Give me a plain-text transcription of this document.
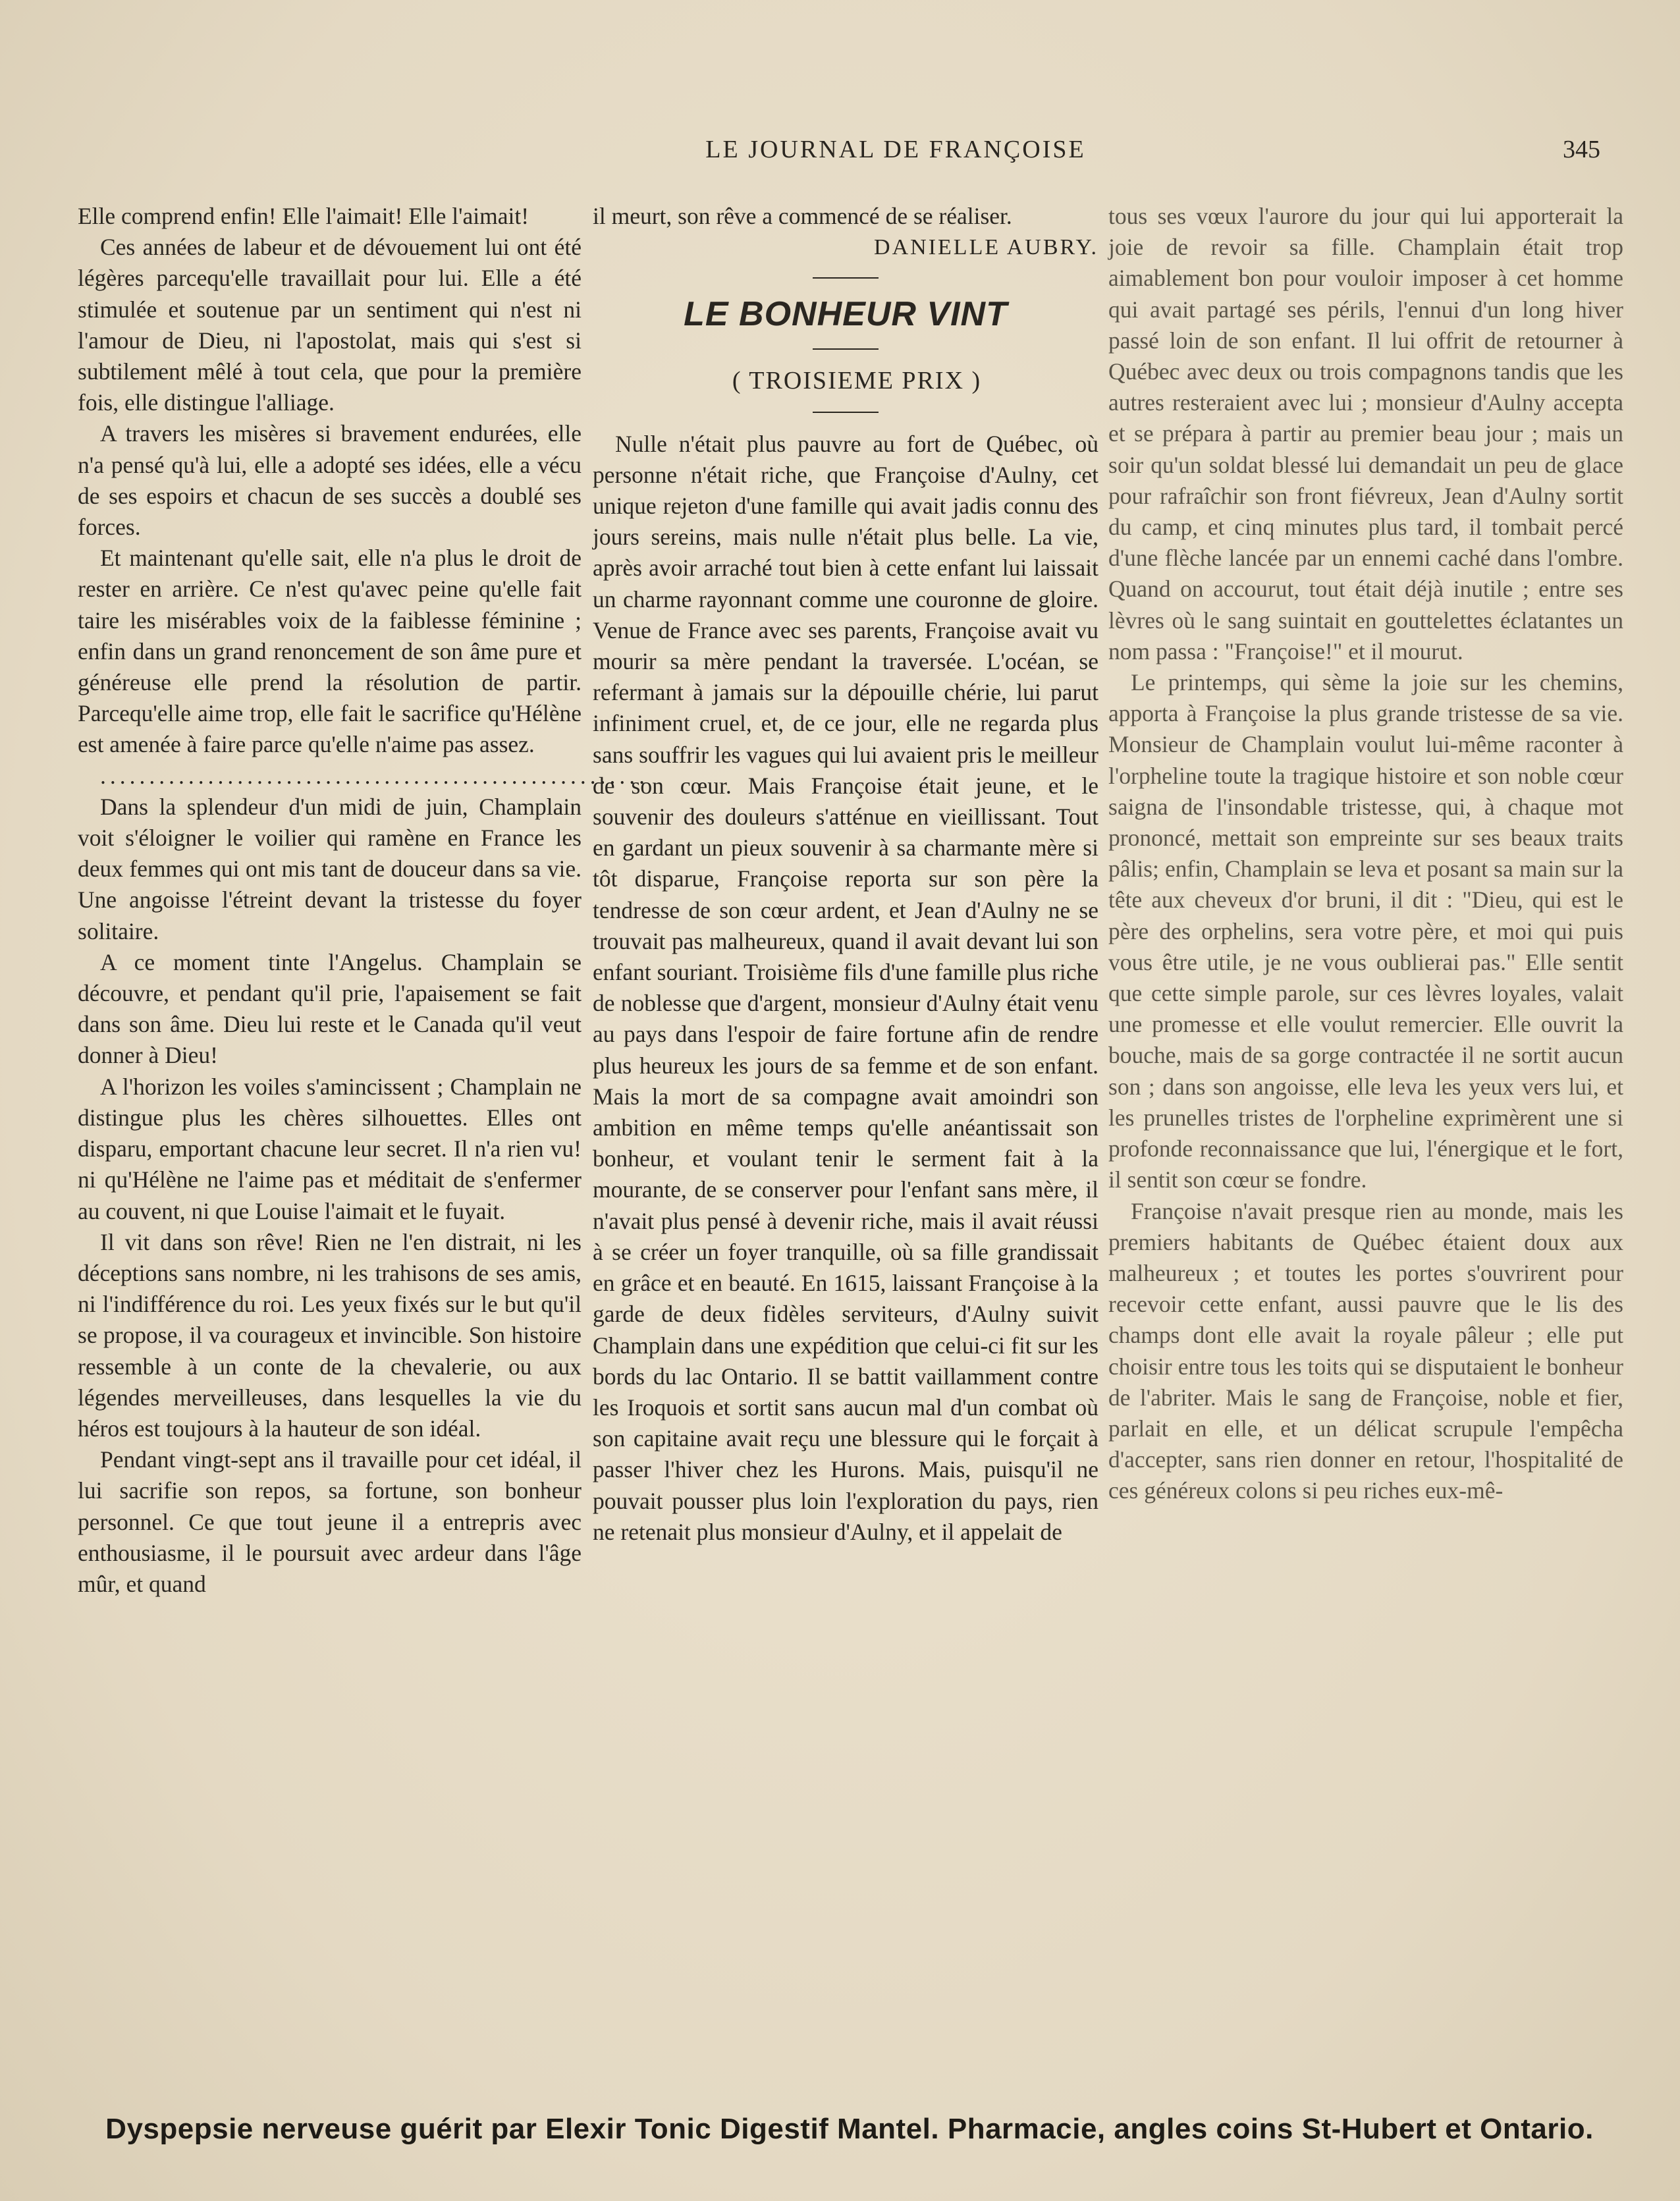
LE JOURNAL DE FRANÇOISE	345

Elle comprend enfin! Elle l'aimait! Elle l'aimait!

Ces années de labeur et de dévouement lui ont été légères parcequ'elle travaillait pour lui. Elle a été stimulée et soutenue par un sentiment qui n'est ni l'amour de Dieu, ni l'apostolat, mais qui s'est si subtilement mêlé à tout cela, que pour la première fois, elle distingue l'alliage.

A travers les misères si bravement endurées, elle n'a pensé qu'à lui, elle a adopté ses idées, elle a vécu de ses espoirs et chacun de ses succès a doublé ses forces.

Et maintenant qu'elle sait, elle n'a plus le droit de rester en arrière. Ce n'est qu'avec peine qu'elle fait taire les misérables voix de la faiblesse féminine ; enfin dans un grand renoncement de son âme pure et généreuse elle prend la résolution de partir. Parcequ'elle aime trop, elle fait le sacrifice qu'Hélène est amenée à faire parce qu'elle n'aime pas assez.

........................................................

Dans la splendeur d'un midi de juin, Champlain voit s'éloigner le voilier qui ramène en France les deux femmes qui ont mis tant de douceur dans sa vie. Une angoisse l'étreint devant la tristesse du foyer solitaire.

A ce moment tinte l'Angelus. Champlain se découvre, et pendant qu'il prie, l'apaisement se fait dans son âme. Dieu lui reste et le Canada qu'il veut donner à Dieu!

A l'horizon les voiles s'amincissent ; Champlain ne distingue plus les chères silhouettes. Elles ont disparu, emportant chacune leur secret. Il n'a rien vu! ni qu'Hélène ne l'aime pas et méditait de s'enfermer au couvent, ni que Louise l'aimait et le fuyait.

Il vit dans son rêve! Rien ne l'en distrait, ni les déceptions sans nombre, ni les trahisons de ses amis, ni l'indifférence du roi. Les yeux fixés sur le but qu'il se propose, il va courageux et invincible. Son histoire ressemble à un conte de la chevalerie, ou aux légendes merveilleuses, dans lesquelles la vie du héros est toujours à la hauteur de son idéal.

Pendant vingt-sept ans il travaille pour cet idéal, il lui sacrifie son repos, sa fortune, son bonheur personnel. Ce que tout jeune il a entrepris avec enthousiasme, il le poursuit avec ardeur dans l'âge mûr, et quand

il meurt, son rêve a commencé de se réaliser.

DANIELLE AUBRY.

LE BONHEUR VINT

( TROISIEME PRIX )

Nulle n'était plus pauvre au fort de Québec, où personne n'était riche, que Françoise d'Aulny, cet unique rejeton d'une famille qui avait jadis connu des jours sereins, mais nulle n'était plus belle. La vie, après avoir arraché tout bien à cette enfant lui laissait un charme rayonnant comme une couronne de gloire. Venue de France avec ses parents, Françoise avait vu mourir sa mère pendant la traversée. L'océan, se refermant à jamais sur la dépouille chérie, lui parut infiniment cruel, et, de ce jour, elle ne regarda plus sans souffrir les vagues qui lui avaient pris le meilleur de son cœur. Mais Françoise était jeune, et le souvenir des douleurs s'atténue en vieillissant. Tout en gardant un pieux souvenir à sa charmante mère si tôt disparue, Françoise reporta sur son père la tendresse de son cœur ardent, et Jean d'Aulny ne se trouvait pas malheureux, quand il avait devant lui son enfant souriant. Troisième fils d'une famille plus riche de noblesse que d'argent, monsieur d'Aulny était venu au pays dans l'espoir de faire fortune afin de rendre plus heureux les jours de sa femme et de son enfant. Mais la mort de sa compagne avait amoindri son ambition en même temps qu'elle anéantissait son bonheur, et voulant tenir le serment fait à la mourante, de se conserver pour l'enfant sans mère, il n'avait plus pensé à devenir riche, mais il avait réussi à se créer un foyer tranquille, où sa fille grandissait en grâce et en beauté. En 1615, laissant Françoise à la garde de deux fidèles serviteurs, d'Aulny suivit Champlain dans une expédition que celui-ci fit sur les bords du lac Ontario. Il se battit vaillamment contre les Iroquois et sortit sans aucun mal d'un combat où son capitaine avait reçu une blessure qui le forçait à passer l'hiver chez les Hurons. Mais, puisqu'il ne pouvait pousser plus loin l'exploration du pays, rien ne retenait plus monsieur d'Aulny, et il appelait de

tous ses vœux l'aurore du jour qui lui apporterait la joie de revoir sa fille. Champlain était trop aimablement bon pour vouloir imposer à cet homme qui avait partagé ses périls, l'ennui d'un long hiver passé loin de son enfant. Il lui offrit de retourner à Québec avec deux ou trois compagnons tandis que les autres resteraient avec lui ; monsieur d'Aulny accepta et se prépara à partir au premier beau jour ; mais un soir qu'un soldat blessé lui demandait un peu de glace pour rafraîchir son front fiévreux, Jean d'Aulny sortit du camp, et cinq minutes plus tard, il tombait percé d'une flèche lancée par un ennemi caché dans l'ombre. Quand on accourut, tout était déjà inutile ; entre ses lèvres où le sang suintait en gouttelettes éclatantes un nom passa : "Françoise!" et il mourut.

Le printemps, qui sème la joie sur les chemins, apporta à Françoise la plus grande tristesse de sa vie. Monsieur de Champlain voulut lui-même raconter à l'orpheline toute la tragique histoire et son noble cœur saigna de l'insondable tristesse, qui, à chaque mot prononcé, mettait son empreinte sur ses beaux traits pâlis; enfin, Champlain se leva et posant sa main sur la tête aux cheveux d'or bruni, il dit : "Dieu, qui est le père des orphelins, sera votre père, et moi qui puis vous être utile, je ne vous oublierai pas." Elle sentit que cette simple parole, sur ces lèvres loyales, valait une promesse et elle voulut remercier. Elle ouvrit la bouche, mais de sa gorge contractée il ne sortit aucun son ; dans son angoisse, elle leva les yeux vers lui, et les prunelles tristes de l'orpheline exprimèrent une si profonde reconnaissance que lui, l'énergique et le fort, il sentit son cœur se fondre.

Françoise n'avait presque rien au monde, mais les premiers habitants de Québec étaient doux aux malheureux ; et toutes les portes s'ouvrirent pour recevoir cette enfant, aussi pauvre que le lis des champs dont elle avait la royale pâleur ; elle put choisir entre tous les toits qui se disputaient le bonheur de l'abriter. Mais le sang de Françoise, noble et fier, parlait en elle, et un délicat scrupule l'empêcha d'accepter, sans rien donner en retour, l'hospitalité de ces généreux colons si peu riches eux-mê-

Dyspepsie nerveuse guérit par Elexir Tonic Digestif Mantel. Pharmacie, angles coins St-Hubert et Ontario.
